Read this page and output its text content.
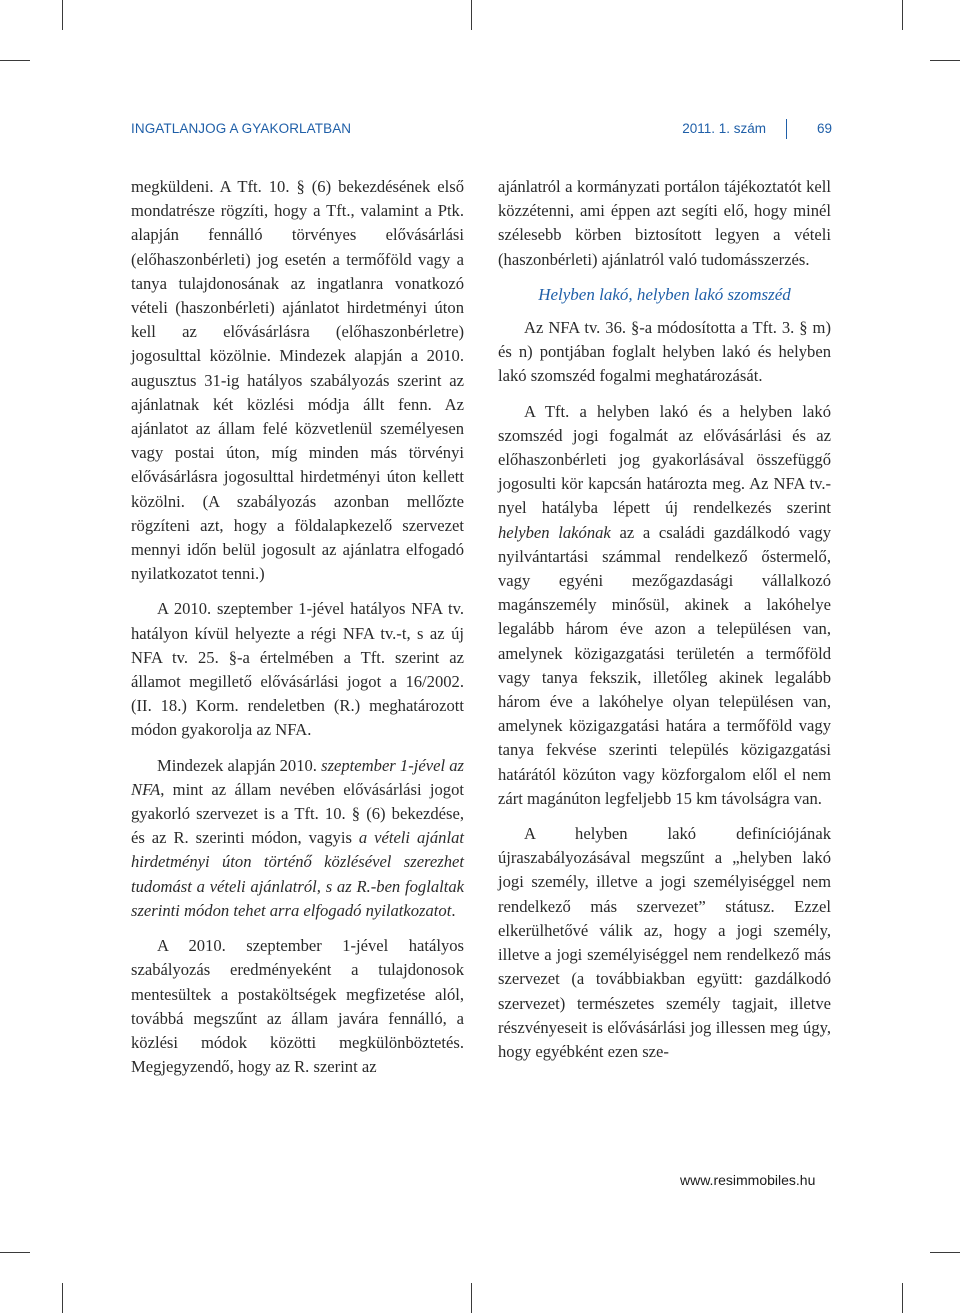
INGATLANJOG A GYAKORLATBAN	2011. 1. szám	69

megküldeni. A Tft. 10. § (6) bekezdésének első mondatrésze rögzíti, hogy a Tft., valamint a Ptk. alapján fennálló törvényes elővásárlási (előhaszonbérleti) jog esetén a termőföld vagy a tanya tulajdonosának az ingatlanra vonatkozó vételi (haszonbérleti) ajánlatot hirdetményi úton kell az elővásárlásra (előhaszonbérletre) jogosulttal közölnie. Mindezek alapján a 2010. augusztus 31-ig hatályos szabályozás szerint az ajánlatnak két közlési módja állt fenn. Az ajánlatot az állam felé közvetlenül személyesen vagy postai úton, míg minden más törvényi elővásárlásra jogosulttal hirdetményi úton kellett közölni. (A szabályozás azonban mellőzte rögzíteni azt, hogy a földalapkezelő szervezet mennyi időn belül jogosult az ajánlatra elfogadó nyilatkozatot tenni.)

A 2010. szeptember 1-jével hatályos NFA tv. hatályon kívül helyezte a régi NFA tv.-t, s az új NFA tv. 25. §-a értelmében a Tft. szerint az államot megillető elővásárlási jogot a 16/2002. (II. 18.) Korm. rendeletben (R.) meghatározott módon gyakorolja az NFA.

Mindezek alapján 2010. szeptember 1-jével az NFA, mint az állam nevében elővásárlási jogot gyakorló szervezet is a Tft. 10. § (6) bekezdése, és az R. szerinti módon, vagyis a vételi ajánlat hirdetményi úton történő közlésével szerezhet tudomást a vételi ajánlatról, s az R.-ben foglaltak szerinti módon tehet arra elfogadó nyilatkozatot.

A 2010. szeptember 1-jével hatályos szabályozás eredményeként a tulajdonosok mentesültek a postaköltségek megfizetése alól, továbbá megszűnt az állam javára fennálló, a közlési módok közötti megkülönböztetés. Megjegyzendő, hogy az R. szerint az

ajánlatról a kormányzati portálon tájékoztatót kell közzétenni, ami éppen azt segíti elő, hogy minél szélesebb körben biztosított legyen a vételi (haszonbérleti) ajánlatról való tudomásszerzés.

Helyben lakó, helyben lakó szomszéd

Az NFA tv. 36. §-a módosította a Tft. 3. § m) és n) pontjában foglalt helyben lakó és helyben lakó szomszéd fogalmi meghatározását.

A Tft. a helyben lakó és a helyben lakó szomszéd jogi fogalmát az elővásárlási és az előhaszonbérleti jog gyakorlásával összefüggő jogosulti kör kapcsán határozta meg. Az NFA tv.-nyel hatályba lépett új rendelkezés szerint helyben lakónak az a családi gazdálkodó vagy nyilvántartási számmal rendelkező őstermelő, vagy egyéni mezőgazdasági vállalkozó magánszemély minősül, akinek a lakóhelye legalább három éve azon a településen van, amelynek közigazgatási területén a termőföld vagy tanya fekszik, illetőleg akinek legalább három éve a lakóhelye olyan településen van, amelynek közigazgatási határa a termőföld vagy tanya fekvése szerinti település közigazgatási határától közúton vagy közforgalom elől el nem zárt magánúton legfeljebb 15 km távolságra van.

A helyben lakó definíciójának újraszabályozásával megszűnt a „helyben lakó jogi személy, illetve a jogi személyiséggel nem rendelkező más szervezet” státusz. Ezzel elkerülhetővé válik az, hogy a jogi személy, illetve a jogi személyiséggel nem rendelkező más szervezet (a továbbiakban együtt: gazdálkodó szervezet) természetes személy tagjait, illetve részvényeseit is elővásárlási jog illessen meg úgy, hogy egyébként ezen sze-

www.resimmobiles.hu
